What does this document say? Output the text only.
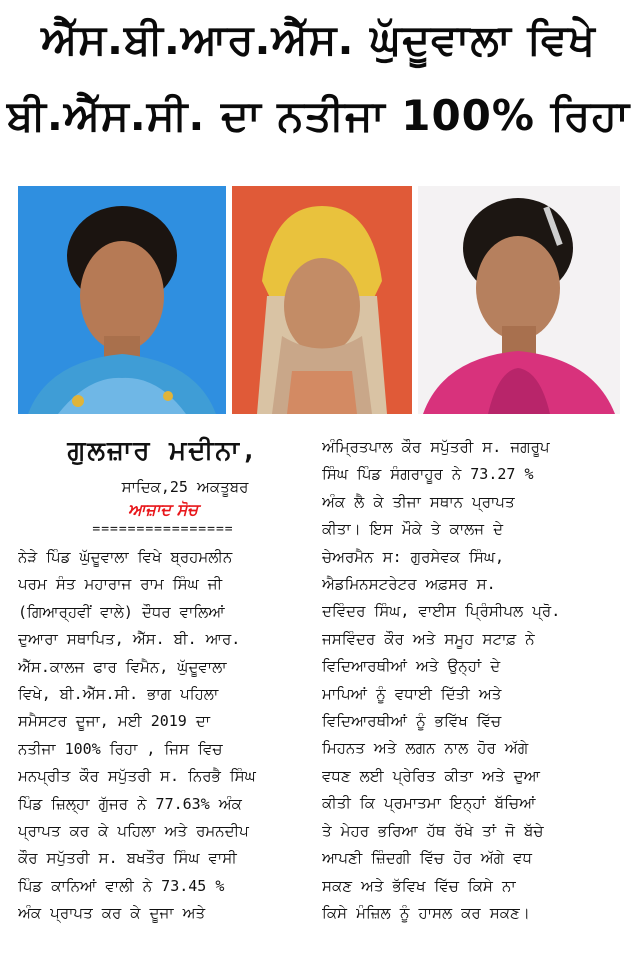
ਐੱਸ.ਬੀ.ਆਰ.ਐੱਸ. ਘੁੱਦੂਵਾਲਾ ਵਿਖੇ
ਬੀ.ਐੱਸ.ਸੀ. ਦਾ ਨਤੀਜਾ 100% ਰਿਹਾ
ਗੁਲਜ਼ਾਰ ਮਦੀਨਾ,
ਸਾਦਿਕ,25 ਅਕਤੂਬਰ
ਆਜ਼ਾਦ ਸੋਚ
================
ਨੇੜੇ ਪਿੰਡ ਘੁੱਦੂਵਾਲਾ ਵਿਖੇ ਬ੍ਰਹਮਲੀਨ
ਪਰਮ ਸੰਤ ਮਹਾਰਾਜ ਰਾਮ ਸਿੰਘ ਜੀ
(ਗਿਆਰ੍ਹਵੀਂ ਵਾਲੇ) ਦੌਧਰ ਵਾਲਿਆਂ
ਦੁਆਰਾ ਸਥਾਪਿਤ, ਐੱਸ. ਬੀ. ਆਰ.
ਐੱਸ.ਕਾਲਜ ਫਾਰ ਵਿਮੈਨ, ਘੁੱਦੂਵਾਲਾ
ਵਿਖੇ, ਬੀ.ਐੱਸ.ਸੀ. ਭਾਗ ਪਹਿਲਾ
ਸਮੈਸਟਰ ਦੂਜਾ, ਮਈ 2019 ਦਾ
ਨਤੀਜਾ 100% ਰਿਹਾ , ਜਿਸ ਵਿਚ
ਮਨਪ੍ਰੀਤ ਕੌਰ ਸਪੁੱਤਰੀ ਸ. ਨਿਰਭੈ ਸਿੰਘ
ਪਿੰਡ ਜ਼ਿਲ੍ਹਾ ਗੁੱਜਰ ਨੇ 77.63% ਅੰਕ
ਪ੍ਰਾਪਤ ਕਰ ਕੇ ਪਹਿਲਾ ਅਤੇ ਰਮਨਦੀਪ
ਕੌਰ ਸਪੁੱਤਰੀ ਸ. ਬਖਤੌਰ ਸਿੰਘ ਵਾਸੀ
ਪਿੰਡ ਕਾਨਿਆਂ ਵਾਲੀ ਨੇ 73.45 %
ਅੰਕ ਪ੍ਰਾਪਤ ਕਰ ਕੇ ਦੂਜਾ ਅਤੇ
ਅੰਮ੍ਰਿਤਪਾਲ ਕੌਰ ਸਪੁੱਤਰੀ ਸ. ਜਗਰੂਪ
ਸਿੰਘ ਪਿੰਡ ਸੰਗਰਾਹੂਰ ਨੇ 73.27 %
ਅੰਕ ਲੈ ਕੇ ਤੀਜਾ ਸਥਾਨ ਪ੍ਰਾਪਤ
ਕੀਤਾ। ਇਸ ਮੌਕੇ ਤੇ ਕਾਲਜ ਦੇ
ਚੇਅਰਮੈਨ ਸ: ਗੁਰਸੇਵਕ ਸਿੰਘ,
ਐਡਮਿਨਸਟਰੇਟਰ ਅਫ਼ਸਰ ਸ.
ਦਵਿੰਦਰ ਸਿੰਘ, ਵਾਈਸ ਪ੍ਰਿੰਸੀਪਲ ਪ੍ਰੋ.
ਜਸਵਿੰਦਰ ਕੌਰ ਅਤੇ ਸਮੂਹ ਸਟਾਫ਼ ਨੇ
ਵਿਦਿਆਰਥੀਆਂ ਅਤੇ ਉਨ੍ਹਾਂ ਦੇ
ਮਾਪਿਆਂ ਨੂੰ ਵਧਾਈ ਦਿੱਤੀ ਅਤੇ
ਵਿਦਿਆਰਥੀਆਂ ਨੂੰ ਭਵਿੱਖ ਵਿੱਚ
ਮਿਹਨਤ ਅਤੇ ਲਗਨ ਨਾਲ ਹੋਰ ਅੱਗੇ
ਵਧਣ ਲਈ ਪ੍ਰੇਰਿਤ ਕੀਤਾ ਅਤੇ ਦੁਆ
ਕੀਤੀ ਕਿ ਪ੍ਰਮਾਤਮਾ ਇਨ੍ਹਾਂ ਬੱਚਿਆਂ
ਤੇ ਮੇਹਰ ਭਰਿਆ ਹੱਥ ਰੱਖੇ ਤਾਂ ਜੋ ਬੱਚੇ
ਆਪਣੀ ਜ਼ਿੰਦਗੀ ਵਿੱਚ ਹੋਰ ਅੱਗੇ ਵਧ
ਸਕਣ ਅਤੇ ਭੱਵਿਖ ਵਿੱਚ ਕਿਸੇ ਨਾ
ਕਿਸੇ ਮੰਜ਼ਿਲ ਨੂੰ ਹਾਸਲ ਕਰ ਸਕਣ।
